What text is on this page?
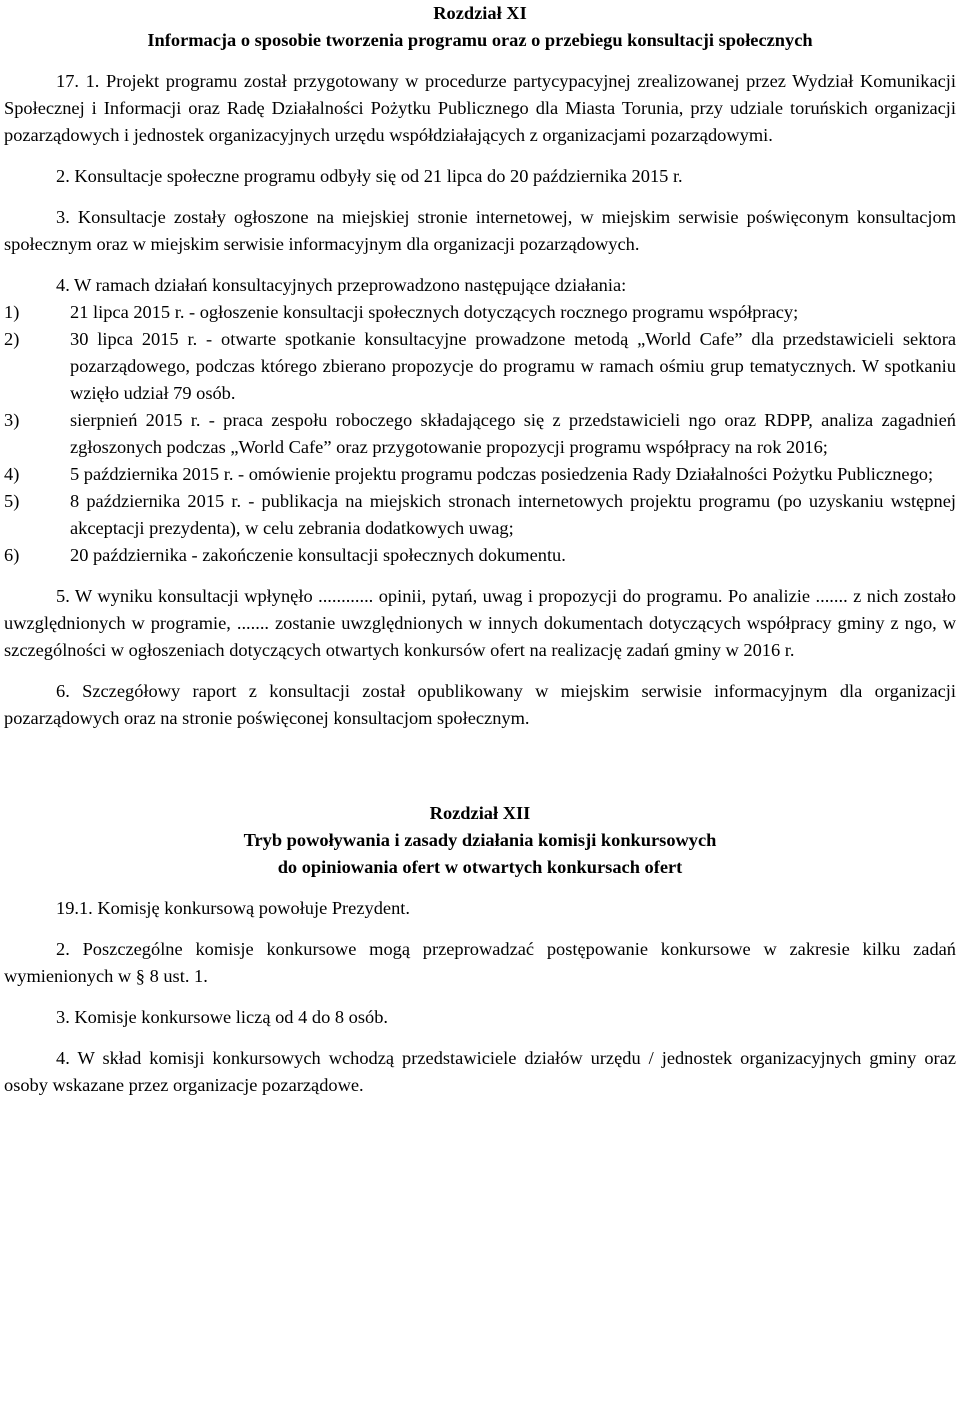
Rozdział XI

Informacja o sposobie tworzenia programu oraz o przebiegu konsultacji społecznych

17. 1. Projekt programu został przygotowany w procedurze partycypacyjnej zrealizowanej przez Wydział Komunikacji Społecznej i Informacji oraz Radę Działalności Pożytku Publicznego dla Miasta Torunia, przy udziale toruńskich organizacji pozarządowych i jednostek organizacyjnych urzędu współdziałających z organizacjami pozarządowymi.

2. Konsultacje społeczne programu odbyły się od 21 lipca do 20 października 2015 r.

3. Konsultacje zostały ogłoszone na miejskiej stronie internetowej, w miejskim serwisie poświęconym konsultacjom społecznym oraz w miejskim serwisie informacyjnym dla organizacji pozarządowych.

4. W ramach działań konsultacyjnych przeprowadzono następujące działania:

1)	21 lipca 2015 r. - ogłoszenie konsultacji społecznych dotyczących rocznego programu współpracy;
2)	30 lipca 2015 r. - otwarte spotkanie konsultacyjne prowadzone metodą „World Cafe” dla przedstawicieli sektora pozarządowego, podczas którego zbierano propozycje do programu w ramach ośmiu grup tematycznych. W spotkaniu wzięło udział 79 osób.
3)	sierpnień 2015 r. - praca zespołu roboczego składającego się z przedstawicieli ngo oraz RDPP, analiza zagadnień zgłoszonych podczas „World Cafe” oraz przygotowanie propozycji programu współpracy na rok 2016;
4)	5 października 2015 r. - omówienie projektu programu podczas posiedzenia Rady Działalności Pożytku Publicznego;
5)	8 października 2015 r. - publikacja na miejskich stronach internetowych projektu programu (po uzyskaniu wstępnej akceptacji prezydenta), w celu zebrania dodatkowych uwag;
6)	20 października - zakończenie konsultacji społecznych dokumentu.

5. W wyniku konsultacji wpłynęło ............ opinii, pytań, uwag i propozycji do programu. Po analizie ....... z nich zostało uwzględnionych w programie, ....... zostanie uwzględnionych w innych dokumentach dotyczących współpracy gminy z ngo, w szczególności w ogłoszeniach dotyczących otwartych konkursów ofert na realizację zadań gminy w 2016 r.

6. Szczegółowy raport z konsultacji został opublikowany w miejskim serwisie informacyjnym dla organizacji pozarządowych oraz na stronie poświęconej konsultacjom społecznym.

Rozdział XII

Tryb powoływania i zasady działania komisji konkursowych

do opiniowania ofert w otwartych konkursach ofert

19.1. Komisję konkursową powołuje Prezydent.

2. Poszczególne komisje konkursowe mogą przeprowadzać postępowanie konkursowe w zakresie kilku zadań wymienionych w § 8 ust. 1.

3. Komisje konkursowe liczą od 4 do 8 osób.

4. W skład komisji konkursowych wchodzą przedstawiciele działów urzędu / jednostek organizacyjnych gminy oraz osoby wskazane przez organizacje pozarządowe.
